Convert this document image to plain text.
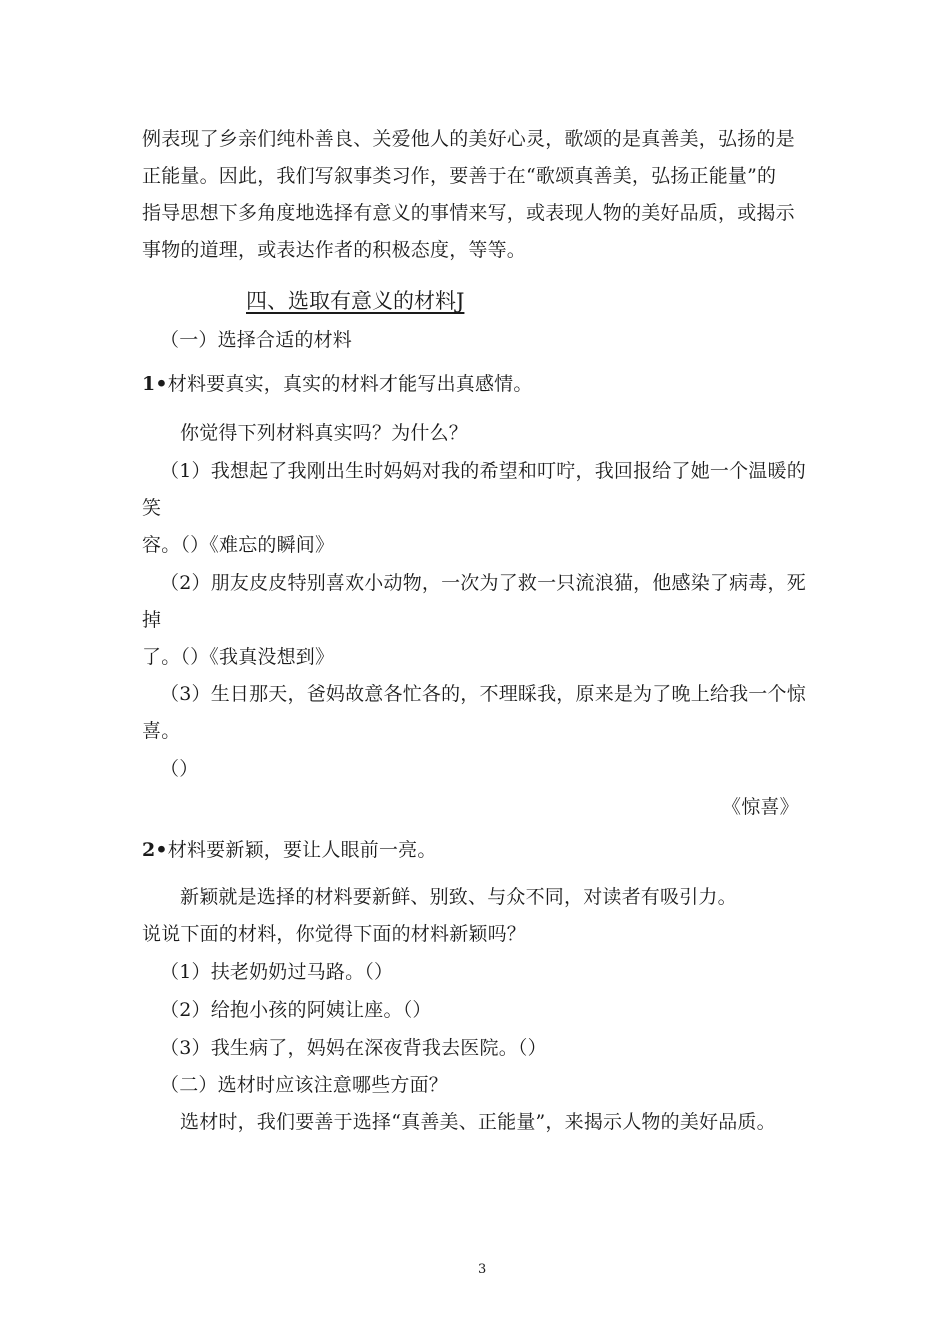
例表现了乡亲们纯朴善良、关爱他人的美好心灵，歌颂的是真善美，弘扬的是
正能量。因此，我们写叙事类习作，要善于在“歌颂真善美，弘扬正能量”的
指导思想下多角度地选择有意义的事情来写，或表现人物的美好品质，或揭示
事物的道理，或表达作者的积极态度，等等。
四、选取有意义的材料J
（一）选择合适的材料
1•材料要真实，真实的材料才能写出真感情。
你觉得下列材料真实吗？为什么？
（1）我想起了我刚出生时妈妈对我的希望和叮咛，我回报给了她一个温暖的
笑
容。（）《难忘的瞬间》
（2）朋友皮皮特别喜欢小动物，一次为了救一只流浪猫，他感染了病毒，死
掉
了。（）《我真没想到》
（3）生日那天，爸妈故意各忙各的，不理睬我，原来是为了晚上给我一个惊
喜。
（）
《惊喜》
2•材料要新颖，要让人眼前一亮。
新颖就是选择的材料要新鲜、别致、与众不同，对读者有吸引力。
说说下面的材料，你觉得下面的材料新颖吗？
（1）扶老奶奶过马路。（）
（2）给抱小孩的阿姨让座。（）
（3）我生病了，妈妈在深夜背我去医院。（）
（二）选材时应该注意哪些方面？
选材时，我们要善于选择“真善美、正能量”，来揭示人物的美好品质。
3
